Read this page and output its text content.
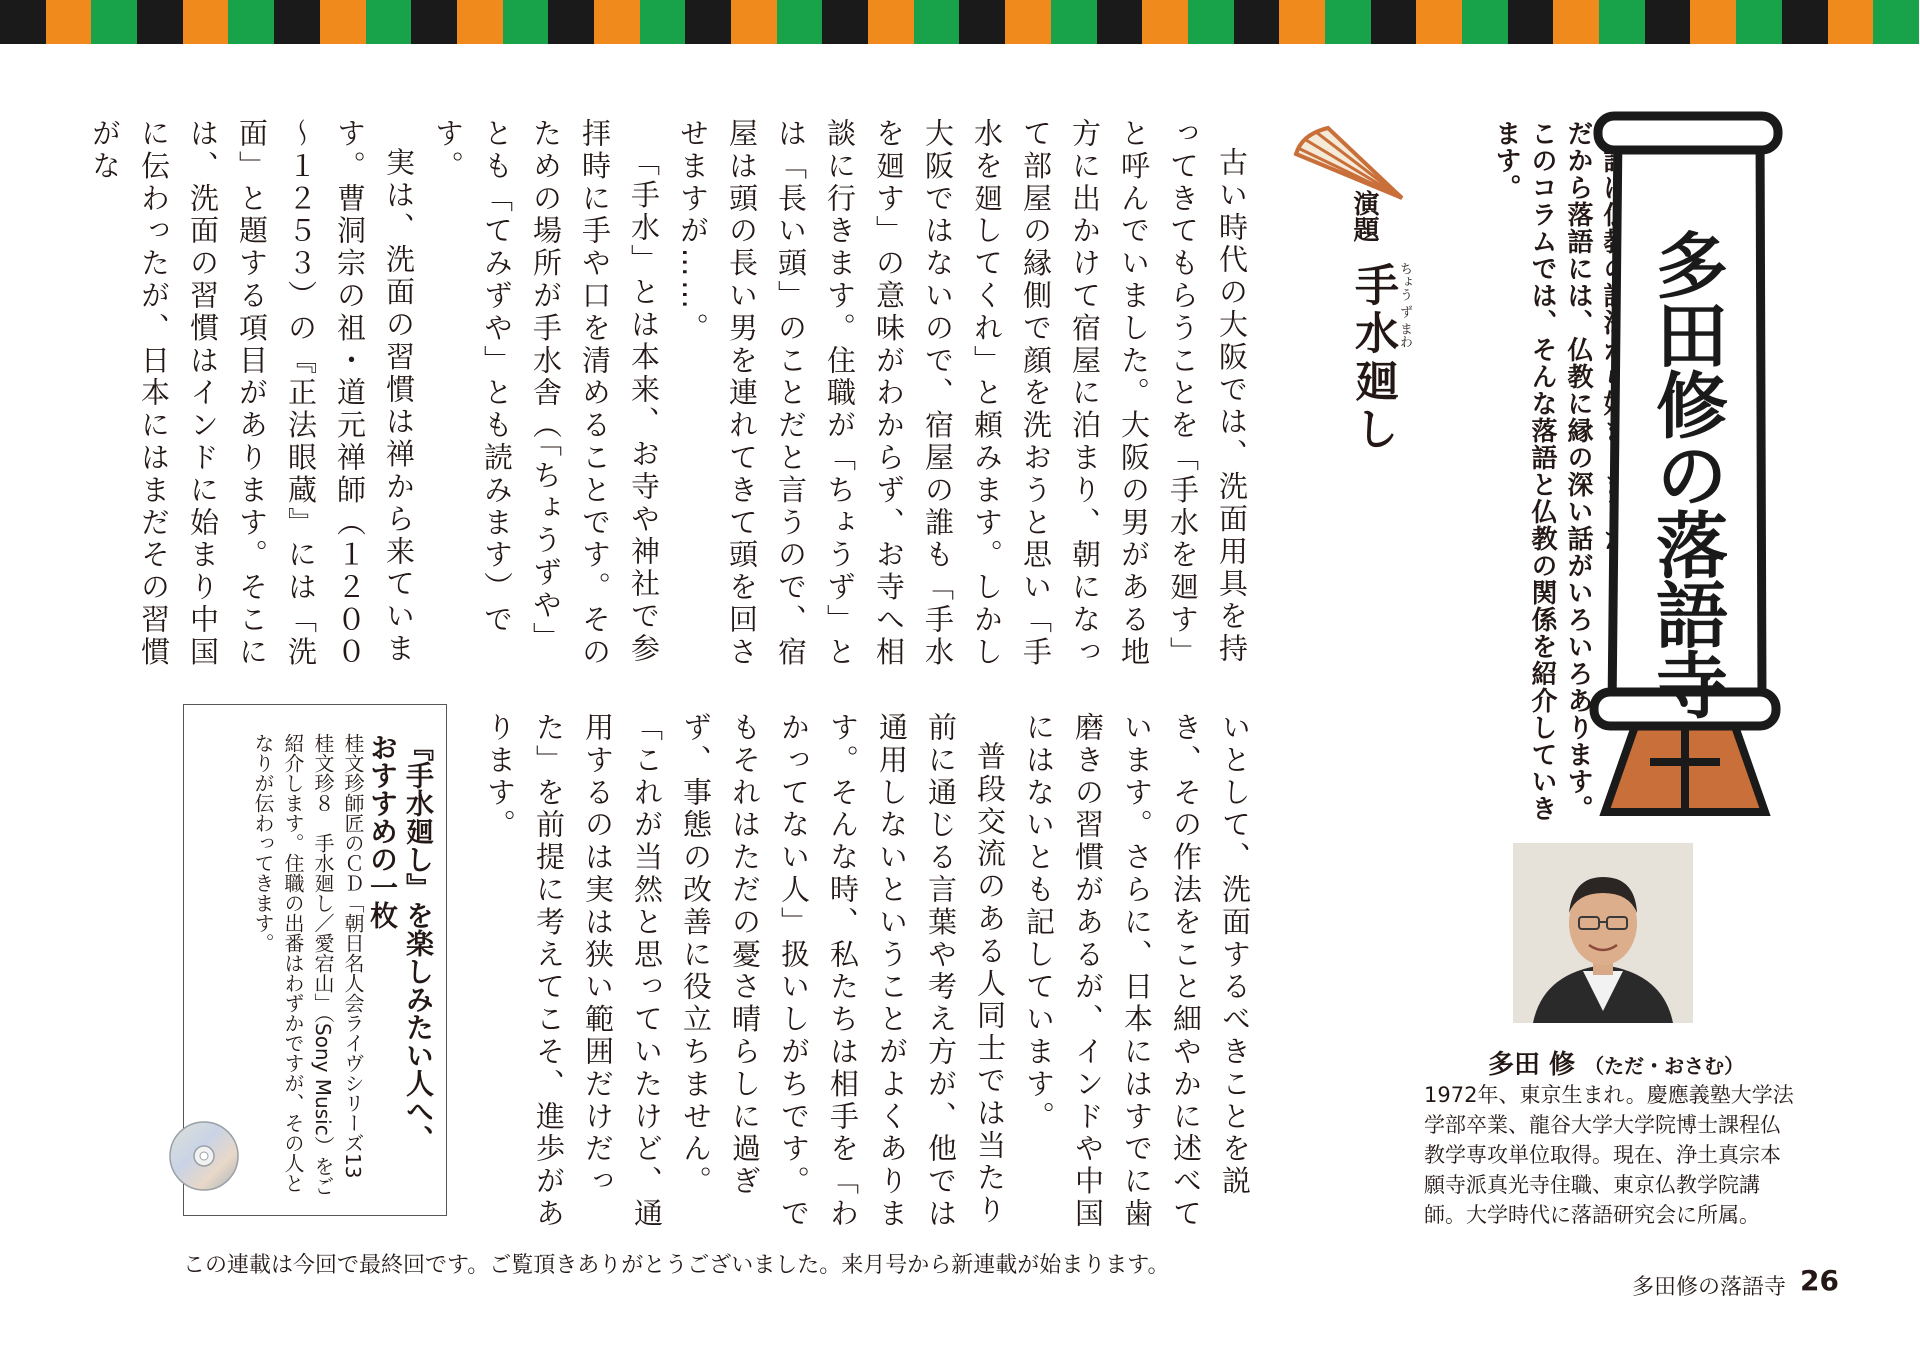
だから落語には、仏教に縁の深い話がいろいろあります。
このコラムでは、そんな落語と仏教の関係を紹介していきます。
多田修の落語寺
演題
手水廻し ちょう ず まわ

古い時代の大阪では、洗面用具を持ってきてもらうことを「手水を廻す」と呼んでいました。大阪の男がある地方に出かけて宿屋に泊まり、朝になって部屋の縁側で顔を洗おうと思い「手水を廻してくれ」と頼みます。しかし大阪ではないので、宿屋の誰も「手水を廻す」の意味がわからず、お寺へ相談に行きます。住職が「ちょうず」とは「長い頭」のことだと言うので、宿屋は頭の長い男を連れてきて頭を回させますが……。

「手水」とは本来、お寺や神社で参拝時に手や口を清めることです。そのための場所が手水舎（「ちょうずや」とも「てみずや」とも読みます）です。

実は、洗面の習慣は禅から来ています。曹洞宗の祖・道元禅師（１２００～１２５３）の『正法眼蔵』には「洗面」と題する項目があります。そこには、洗面の習慣はインドに始まり中国に伝わったが、日本にはまだその習慣がな

いとして、洗面するべきことを説き、その作法をこと細やかに述べています。さらに、日本にはすでに歯磨きの習慣があるが、インドや中国にはないとも記しています。

普段交流のある人同士では当たり前に通じる言葉や考え方が、他では通用しないということがよくあります。そんな時、私たちは相手を「わかってない人」扱いしがちです。でもそれはただの憂さ晴らしに過ぎず、事態の改善に役立ちません。「これが当然と思っていたけど、通用するのは実は狭い範囲だけだった」を前提に考えてこそ、進歩があります。

『手水廻し』を楽しみたい人へ、
おすすめの一枚
桂文珍師匠のＣＤ「朝日名人会ライヴシリーズ13　桂文珍８　手水廻し／愛宕山」（Sony Music）をご紹介します。住職の出番はわずかですが、その人となりが伝わってきます。
多田 修 （ただ・おさむ）
1972年、東京生まれ。慶應義塾大学法学部卒業、龍谷大学大学院博士課程仏教学専攻単位取得。現在、浄土真宗本願寺派真光寺住職、東京仏教学院講師。大学時代に落語研究会に所属。
この連載は今回で最終回です。ご覧頂きありがとうございました。来月号から新連載が始まります。
多田修の落語寺 26
